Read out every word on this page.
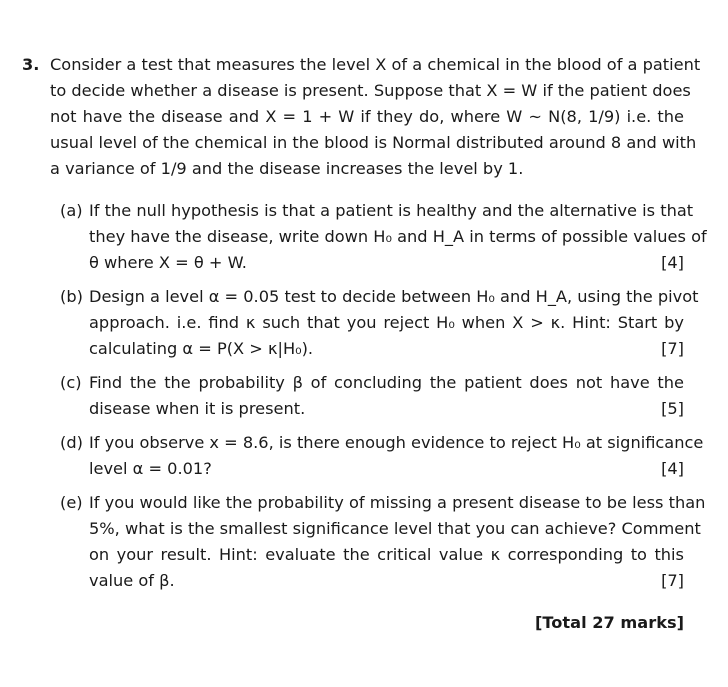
3. Consider a test that measures the level X of a chemical in the blood of a patient
to decide whether a disease is present. Suppose that X = W if the patient does
not have the disease and X = 1 + W if they do, where W ∼ N(8, 1/9) i.e. the
usual level of the chemical in the blood is Normal distributed around 8 and with
a variance of 1/9 and the disease increases the level by 1.
(a) If the null hypothesis is that a patient is healthy and the alternative is that
they have the disease, write down H₀ and H_A in terms of possible values of
θ where X = θ + W.	[4]
(b) Design a level α = 0.05 test to decide between H₀ and H_A, using the pivot
approach. i.e. find κ such that you reject H₀ when X > κ. Hint: Start by
calculating α = P(X > κ|H₀).	[7]
(c) Find the the probability β of concluding the patient does not have the
disease when it is present.	[5]
(d) If you observe x = 8.6, is there enough evidence to reject H₀ at significance
level α = 0.01?	[4]
(e) If you would like the probability of missing a present disease to be less than
5%, what is the smallest significance level that you can achieve? Comment
on your result. Hint: evaluate the critical value κ corresponding to this
value of β.	[7]
[Total 27 marks]
